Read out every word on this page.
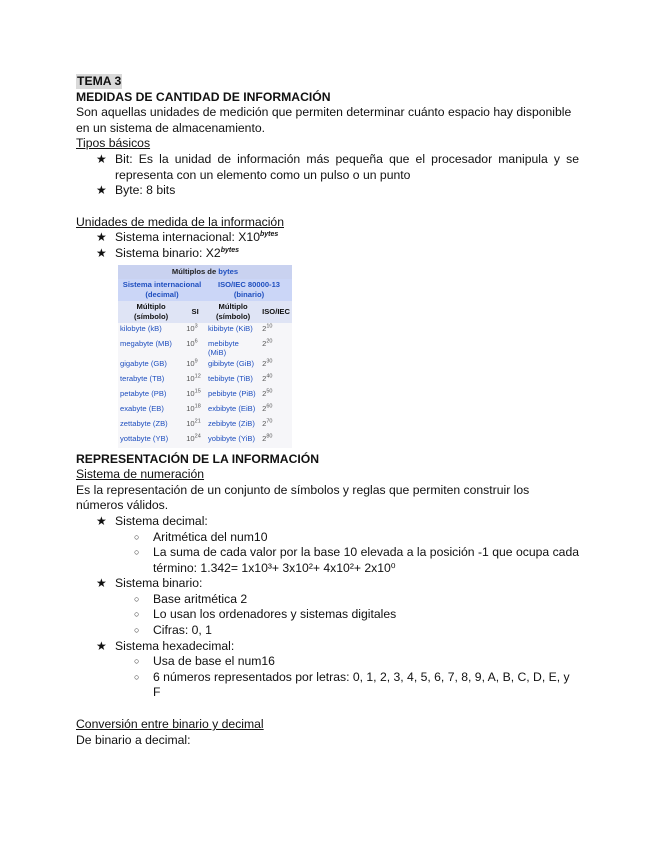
TEMA 3

MEDIDAS DE CANTIDAD DE INFORMACIÓN

Son aquellas unidades de medición que permiten determinar cuánto espacio hay disponible en un sistema de almacenamiento.

Tipos básicos

★ Bit: Es la unidad de información más pequeña que el procesador manipula y se representa con un elemento como un pulso o un punto
★ Byte: 8 bits

Unidades de medida de la información

★ Sistema internacional: $X10^{bytes}$
★ Sistema binario: $X2^{bytes}$
Múltiplos de bytes			
Sistema internacional (decimal)		ISO/IEC 80000-13 (binario)	
Múltiplo (símbolo)	SI	Múltiplo (símbolo)	ISO/IEC
kilobyte (kB)	$10^3$	kibibyte (KiB)	$2^{10}$
megabyte (MB)	$10^6$	mebibyte (MiB)	$2^{20}$
gigabyte (GB)	$10^9$	gibibyte (GiB)	$2^{30}$
terabyte (TB)	$10^{12}$	tebibyte (TiB)	$2^{40}$
petabyte (PB)	$10^{15}$	pebibyte (PiB)	$2^{50}$
exabyte (EB)	$10^{18}$	exbibyte (EiB)	$2^{60}$
zettabyte (ZB)	$10^{21}$	zebibyte (ZiB)	$2^{70}$
yottabyte (YB)	$10^{24}$	yobibyte (YiB)	$2^{80}$

REPRESENTACIÓN DE LA INFORMACIÓN

Sistema de numeración

Es la representación de un conjunto de símbolos y reglas que permiten construir los números válidos.

★ Sistema decimal:
○ Aritmética del num10
○ La suma de cada valor por la base 10 elevada a la posición -1 que ocupa cada término: 1.342= 1x10³+ 3x10²+ 4x10²+ 2x10⁰
★ Sistema binario:
○ Base aritmética 2
○ Lo usan los ordenadores y sistemas digitales
○ Cifras: 0, 1
★ Sistema hexadecimal:
○ Usa de base el num16
○ 6 números representados por letras: 0, 1, 2, 3, 4, 5, 6, 7, 8, 9, A, B, C, D, E, y F

Conversión entre binario y decimal

De binario a decimal:
